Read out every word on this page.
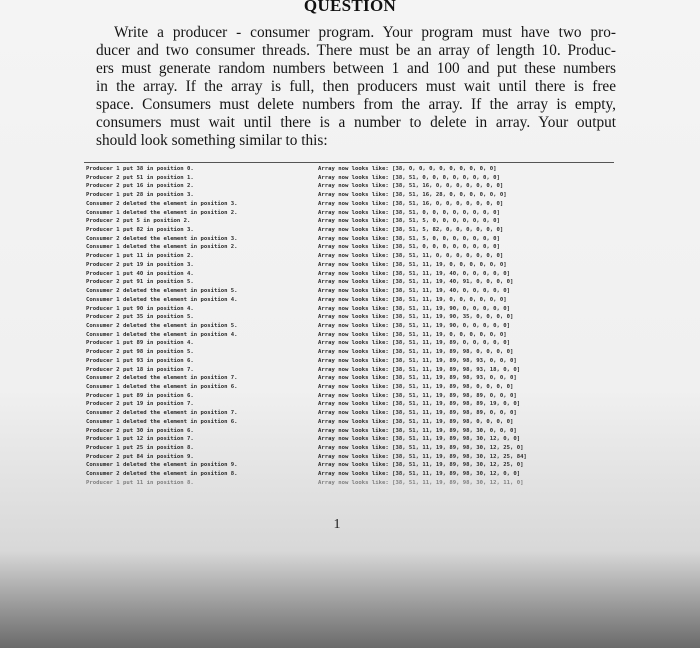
QUESTION

Write a producer - consumer program. Your program must have two pro-
ducer and two consumer threads. There must be an array of length 10. Produc-
ers must generate random numbers between 1 and 100 and put these numbers
in the array. If the array is full, then producers must wait until there is free
space. Consumers must delete numbers from the array. If the array is empty,
consumers must wait until there is a number to delete in array. Your output
should look something similar to this:

Producer 1 put 38 in position 0.
Producer 2 put 51 in position 1.
Producer 2 put 16 in position 2.
Producer 1 put 28 in position 3.
Consumer 2 deleted the element in position 3.
Consumer 1 deleted the element in position 2.
Producer 2 put 5 in position 2.
Producer 1 put 82 in position 3.
Consumer 2 deleted the element in position 3.
Consumer 1 deleted the element in position 2.
Producer 1 put 11 in position 2.
Producer 2 put 19 in position 3.
Producer 1 put 40 in position 4.
Producer 2 put 91 in position 5.
Consumer 2 deleted the element in position 5.
Consumer 1 deleted the element in position 4.
Producer 1 put 90 in position 4.
Producer 2 put 35 in position 5.
Consumer 2 deleted the element in position 5.
Consumer 1 deleted the element in position 4.
Producer 1 put 89 in position 4.
Producer 2 put 98 in position 5.
Producer 1 put 93 in position 6.
Producer 2 put 18 in position 7.
Consumer 2 deleted the element in position 7.
Consumer 1 deleted the element in position 6.
Producer 1 put 89 in position 6.
Producer 2 put 19 in position 7.
Consumer 2 deleted the element in position 7.
Consumer 1 deleted the element in position 6.
Producer 2 put 30 in position 6.
Producer 1 put 12 in position 7.
Producer 1 put 25 in position 8.
Producer 2 put 84 in position 9.
Consumer 1 deleted the element in position 9.
Consumer 2 deleted the element in position 8.
Producer 1 put 11 in position 8.
Array now looks like: [38, 0, 0, 0, 0, 0, 0, 0, 0, 0]
Array now looks like: [38, 51, 0, 0, 0, 0, 0, 0, 0, 0]
Array now looks like: [38, 51, 16, 0, 0, 0, 0, 0, 0, 0]
Array now looks like: [38, 51, 16, 28, 0, 0, 0, 0, 0, 0]
Array now looks like: [38, 51, 16, 0, 0, 0, 0, 0, 0, 0]
Array now looks like: [38, 51, 0, 0, 0, 0, 0, 0, 0, 0]
Array now looks like: [38, 51, 5, 0, 0, 0, 0, 0, 0, 0]
Array now looks like: [38, 51, 5, 82, 0, 0, 0, 0, 0, 0]
Array now looks like: [38, 51, 5, 0, 0, 0, 0, 0, 0, 0]
Array now looks like: [38, 51, 0, 0, 0, 0, 0, 0, 0, 0]
Array now looks like: [38, 51, 11, 0, 0, 0, 0, 0, 0, 0]
Array now looks like: [38, 51, 11, 19, 0, 0, 0, 0, 0, 0]
Array now looks like: [38, 51, 11, 19, 40, 0, 0, 0, 0, 0]
Array now looks like: [38, 51, 11, 19, 40, 91, 0, 0, 0, 0]
Array now looks like: [38, 51, 11, 19, 40, 0, 0, 0, 0, 0]
Array now looks like: [38, 51, 11, 19, 0, 0, 0, 0, 0, 0]
Array now looks like: [38, 51, 11, 19, 90, 0, 0, 0, 0, 0]
Array now looks like: [38, 51, 11, 19, 90, 35, 0, 0, 0, 0]
Array now looks like: [38, 51, 11, 19, 90, 0, 0, 0, 0, 0]
Array now looks like: [38, 51, 11, 19, 0, 0, 0, 0, 0, 0]
Array now looks like: [38, 51, 11, 19, 89, 0, 0, 0, 0, 0]
Array now looks like: [38, 51, 11, 19, 89, 98, 0, 0, 0, 0]
Array now looks like: [38, 51, 11, 19, 89, 98, 93, 0, 0, 0]
Array now looks like: [38, 51, 11, 19, 89, 98, 93, 18, 0, 0]
Array now looks like: [38, 51, 11, 19, 89, 98, 93, 0, 0, 0]
Array now looks like: [38, 51, 11, 19, 89, 98, 0, 0, 0, 0]
Array now looks like: [38, 51, 11, 19, 89, 98, 89, 0, 0, 0]
Array now looks like: [38, 51, 11, 19, 89, 98, 89, 19, 0, 0]
Array now looks like: [38, 51, 11, 19, 89, 98, 89, 0, 0, 0]
Array now looks like: [38, 51, 11, 19, 89, 98, 0, 0, 0, 0]
Array now looks like: [38, 51, 11, 19, 89, 98, 30, 0, 0, 0]
Array now looks like: [38, 51, 11, 19, 89, 98, 30, 12, 0, 0]
Array now looks like: [38, 51, 11, 19, 89, 98, 30, 12, 25, 0]
Array now looks like: [38, 51, 11, 19, 89, 98, 30, 12, 25, 84]
Array now looks like: [38, 51, 11, 19, 89, 98, 30, 12, 25, 0]
Array now looks like: [38, 51, 11, 19, 89, 98, 30, 12, 0, 0]
Array now looks like: [38, 51, 11, 19, 89, 98, 30, 12, 11, 0]
1
